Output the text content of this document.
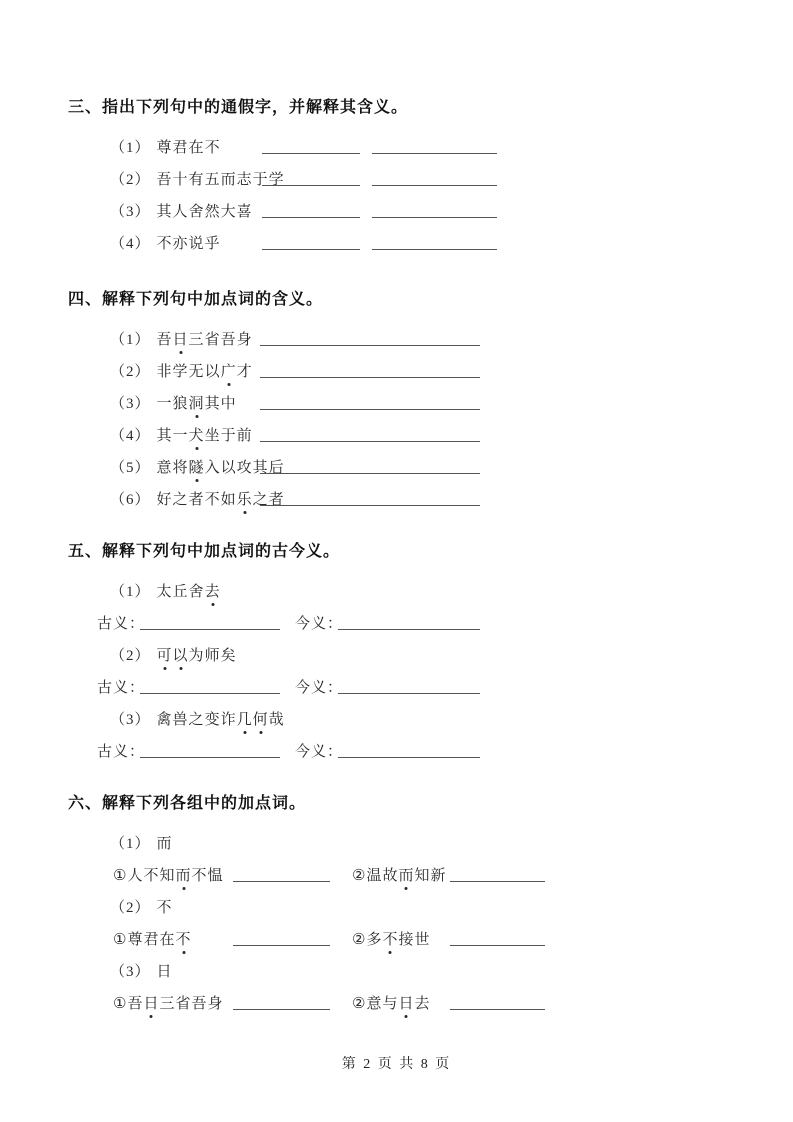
三、指出下列句中的通假字，并解释其含义。
（1） 尊君在不
（2） 吾十有五而志于学
（3） 其人舍然大喜
（4） 不亦说乎
四、解释下列句中加点词的含义。
（1） 吾日三省吾身
（2） 非学无以广才
（3） 一狼洞其中
（4） 其一犬坐于前
（5） 意将隧入以攻其后
（6） 好之者不如乐之者
五、解释下列句中加点词的古今义。
（1） 太丘舍去
古义：	今义：
（2） 可以为师矣
古义：	今义：
（3） 禽兽之变诈几何哉
古义：	今义：
六、解释下列各组中的加点词。
（1） 而
①人不知而不愠	②温故而知新
（2） 不
①尊君在不	②多不接世
（3） 日
①吾日三省吾身	②意与日去
第 2 页 共 8 页
